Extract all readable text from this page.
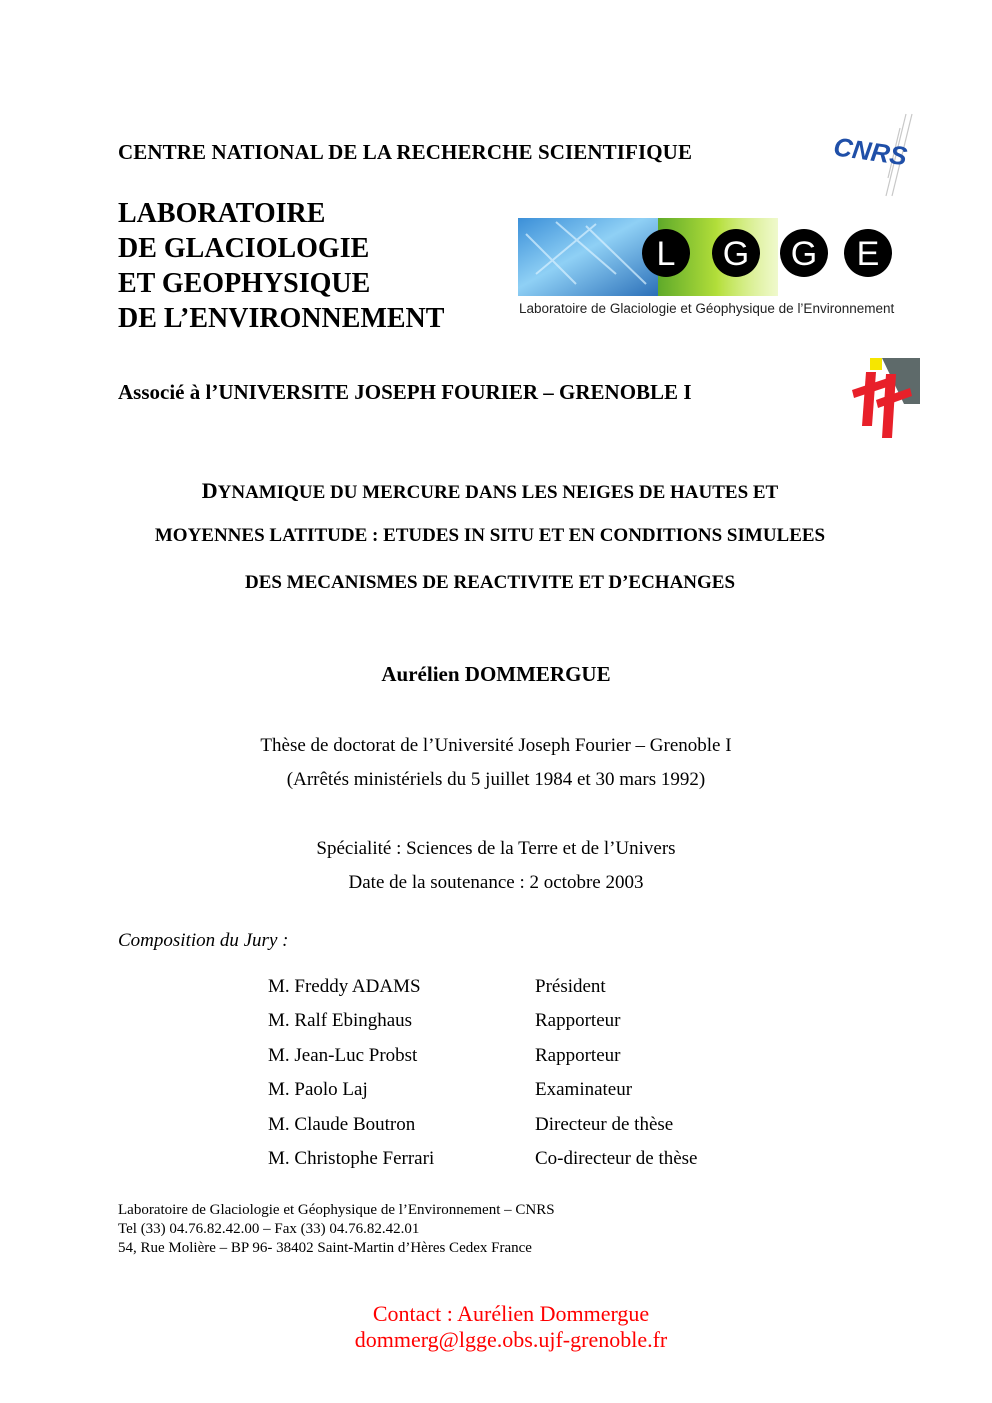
CENTRE NATIONAL DE LA RECHERCHE SCIENTIFIQUE
LABORATOIRE
DE GLACIOLOGIE
ET GEOPHYSIQUE
DE L’ENVIRONNEMENT
CNRS
L G G E
Laboratoire de Glaciologie et Géophysique de l’Environnement
Associé à l’UNIVERSITE JOSEPH FOURIER – GRENOBLE I
DYNAMIQUE DU MERCURE DANS LES NEIGES DE HAUTES ET
MOYENNES LATITUDE : ETUDES IN SITU ET EN CONDITIONS SIMULEES
DES MECANISMES DE REACTIVITE ET D’ECHANGES
Aurélien DOMMERGUE
Thèse de doctorat de l’Université Joseph Fourier – Grenoble I
(Arrêtés ministériels du 5 juillet 1984 et 30 mars 1992)
Spécialité : Sciences de la Terre et de l’Univers
Date de la soutenance : 2 octobre 2003
Composition du Jury :
M. Freddy ADAMS	Président
M. Ralf Ebinghaus	Rapporteur
M. Jean-Luc Probst	Rapporteur
M. Paolo Laj	Examinateur
M. Claude Boutron	Directeur de thèse
M. Christophe Ferrari	Co-directeur de thèse
Laboratoire de Glaciologie et Géophysique de l’Environnement – CNRS
Tel (33) 04.76.82.42.00 – Fax (33) 04.76.82.42.01
54, Rue Molière – BP 96- 38402 Saint-Martin d’Hères Cedex France
Contact : Aurélien Dommergue
dommerg@lgge.obs.ujf-grenoble.fr
